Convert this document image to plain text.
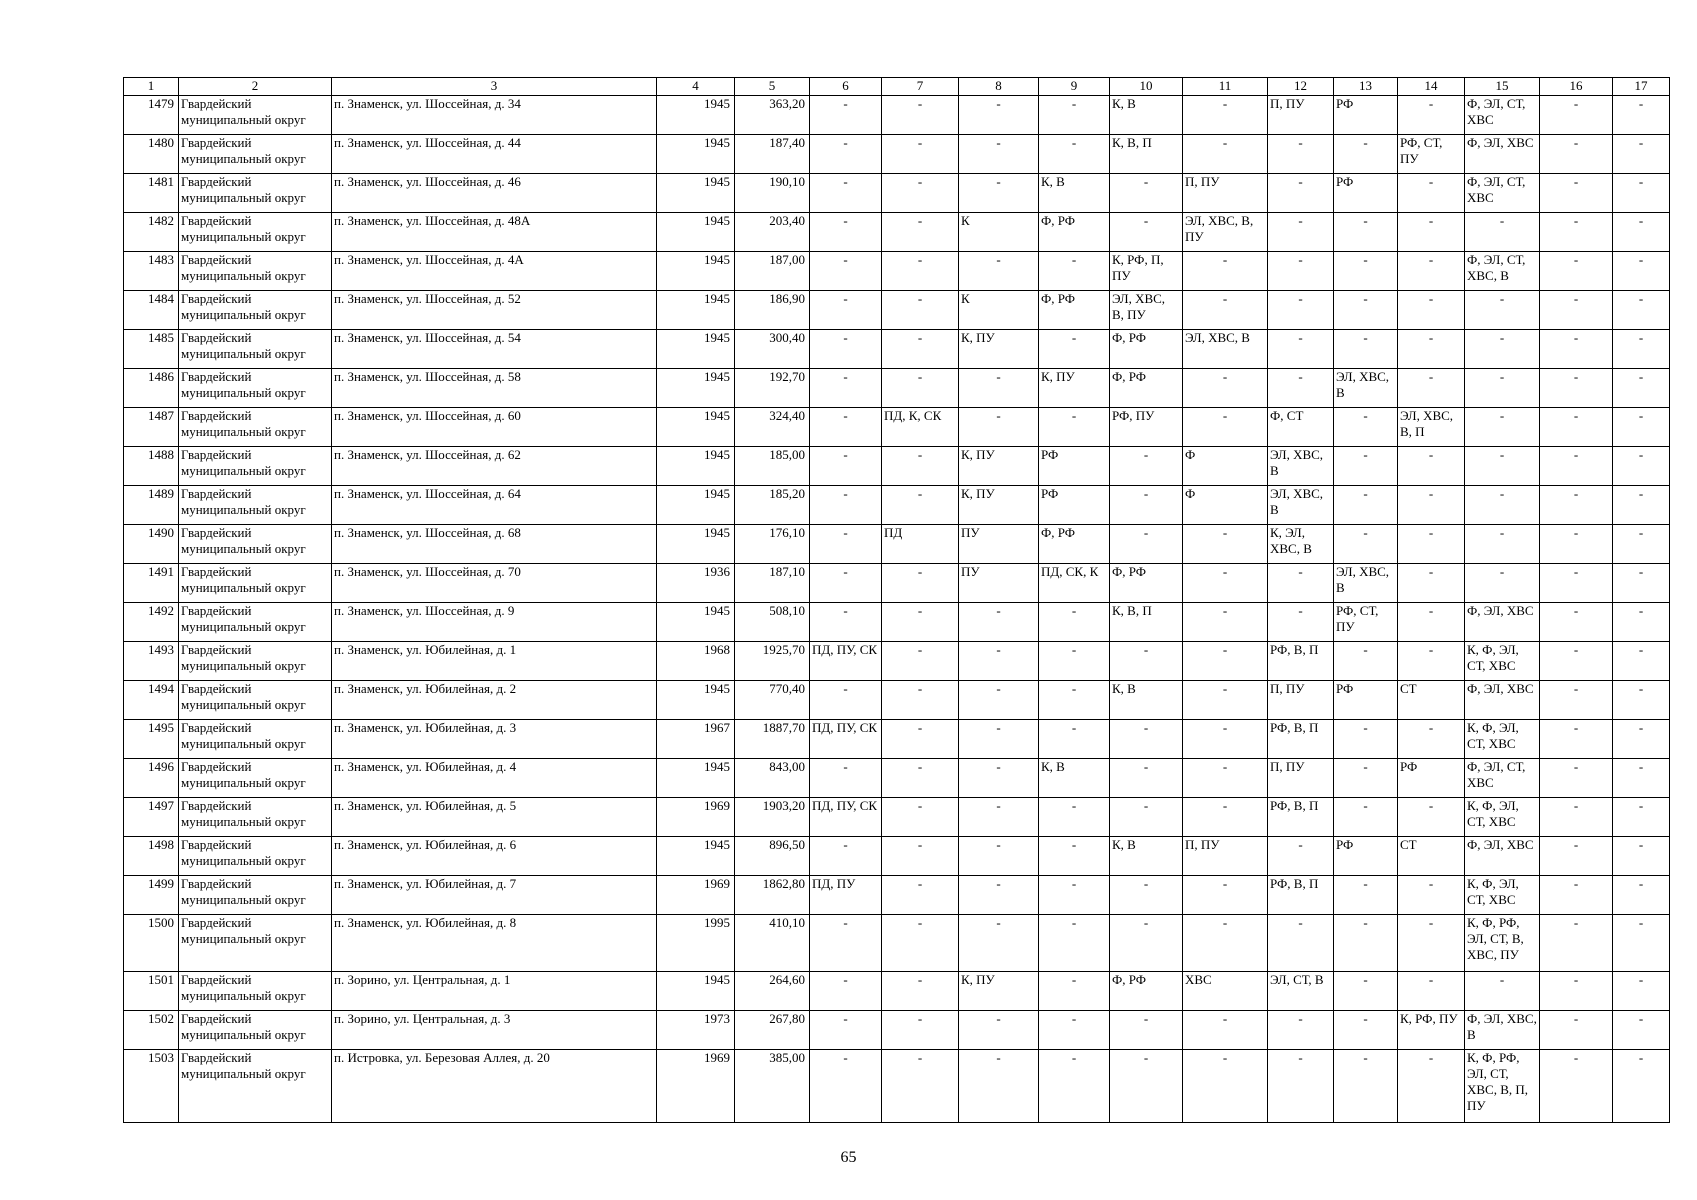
1	2	3	4	5	6	7	8	9	10	11	12	13	14	15	16	17
1479	Гвардейский муниципальный округ	п. Знаменск, ул. Шоссейная, д. 34	1945	363,20	-	-	-	-	К, В	-	П, ПУ	РФ	-	Ф, ЭЛ, СТ, ХВС	-	-
1480	Гвардейский муниципальный округ	п. Знаменск, ул. Шоссейная, д. 44	1945	187,40	-	-	-	-	К, В, П	-	-	-	РФ, СТ, ПУ	Ф, ЭЛ, ХВС	-	-
1481	Гвардейский муниципальный округ	п. Знаменск, ул. Шоссейная, д. 46	1945	190,10	-	-	-	К, В	-	П, ПУ	-	РФ	-	Ф, ЭЛ, СТ, ХВС	-	-
1482	Гвардейский муниципальный округ	п. Знаменск, ул. Шоссейная, д. 48А	1945	203,40	-	-	К	Ф, РФ	-	ЭЛ, ХВС, В, ПУ	-	-	-	-	-	-
1483	Гвардейский муниципальный округ	п. Знаменск, ул. Шоссейная, д. 4А	1945	187,00	-	-	-	-	К, РФ, П, ПУ	-	-	-	-	Ф, ЭЛ, СТ, ХВС, В	-	-
1484	Гвардейский муниципальный округ	п. Знаменск, ул. Шоссейная, д. 52	1945	186,90	-	-	К	Ф, РФ	ЭЛ, ХВС, В, ПУ	-	-	-	-	-	-	-
1485	Гвардейский муниципальный округ	п. Знаменск, ул. Шоссейная, д. 54	1945	300,40	-	-	К, ПУ	-	Ф, РФ	ЭЛ, ХВС, В	-	-	-	-	-	-
1486	Гвардейский муниципальный округ	п. Знаменск, ул. Шоссейная, д. 58	1945	192,70	-	-	-	К, ПУ	Ф, РФ	-	-	ЭЛ, ХВС, В	-	-	-	-
1487	Гвардейский муниципальный округ	п. Знаменск, ул. Шоссейная, д. 60	1945	324,40	-	ПД, К, СК	-	-	РФ, ПУ	-	Ф, СТ	-	ЭЛ, ХВС, В, П	-	-	-
1488	Гвардейский муниципальный округ	п. Знаменск, ул. Шоссейная, д. 62	1945	185,00	-	-	К, ПУ	РФ	-	Ф	ЭЛ, ХВС, В	-	-	-	-	-
1489	Гвардейский муниципальный округ	п. Знаменск, ул. Шоссейная, д. 64	1945	185,20	-	-	К, ПУ	РФ	-	Ф	ЭЛ, ХВС, В	-	-	-	-	-
1490	Гвардейский муниципальный округ	п. Знаменск, ул. Шоссейная, д. 68	1945	176,10	-	ПД	ПУ	Ф, РФ	-	-	К, ЭЛ, ХВС, В	-	-	-	-	-
1491	Гвардейский муниципальный округ	п. Знаменск, ул. Шоссейная, д. 70	1936	187,10	-	-	ПУ	ПД, СК, К	Ф, РФ	-	-	ЭЛ, ХВС, В	-	-	-	-
1492	Гвардейский муниципальный округ	п. Знаменск, ул. Шоссейная, д. 9	1945	508,10	-	-	-	-	К, В, П	-	-	РФ, СТ, ПУ	-	Ф, ЭЛ, ХВС	-	-
1493	Гвардейский муниципальный округ	п. Знаменск, ул. Юбилейная, д. 1	1968	1925,70	ПД, ПУ, СК	-	-	-	-	-	РФ, В, П	-	-	К, Ф, ЭЛ, СТ, ХВС	-	-
1494	Гвардейский муниципальный округ	п. Знаменск, ул. Юбилейная, д. 2	1945	770,40	-	-	-	-	К, В	-	П, ПУ	РФ	СТ	Ф, ЭЛ, ХВС	-	-
1495	Гвардейский муниципальный округ	п. Знаменск, ул. Юбилейная, д. 3	1967	1887,70	ПД, ПУ, СК	-	-	-	-	-	РФ, В, П	-	-	К, Ф, ЭЛ, СТ, ХВС	-	-
1496	Гвардейский муниципальный округ	п. Знаменск, ул. Юбилейная, д. 4	1945	843,00	-	-	-	К, В	-	-	П, ПУ	-	РФ	Ф, ЭЛ, СТ, ХВС	-	-
1497	Гвардейский муниципальный округ	п. Знаменск, ул. Юбилейная, д. 5	1969	1903,20	ПД, ПУ, СК	-	-	-	-	-	РФ, В, П	-	-	К, Ф, ЭЛ, СТ, ХВС	-	-
1498	Гвардейский муниципальный округ	п. Знаменск, ул. Юбилейная, д. 6	1945	896,50	-	-	-	-	К, В	П, ПУ	-	РФ	СТ	Ф, ЭЛ, ХВС	-	-
1499	Гвардейский муниципальный округ	п. Знаменск, ул. Юбилейная, д. 7	1969	1862,80	ПД, ПУ	-	-	-	-	-	РФ, В, П	-	-	К, Ф, ЭЛ, СТ, ХВС	-	-
1500	Гвардейский муниципальный округ	п. Знаменск, ул. Юбилейная, д. 8	1995	410,10	-	-	-	-	-	-	-	-	-	К, Ф, РФ, ЭЛ, СТ, В, ХВС, ПУ	-	-
1501	Гвардейский муниципальный округ	п. Зорино, ул. Центральная, д. 1	1945	264,60	-	-	К, ПУ	-	Ф, РФ	ХВС	ЭЛ, СТ, В	-	-	-	-	-
1502	Гвардейский муниципальный округ	п. Зорино, ул. Центральная, д. 3	1973	267,80	-	-	-	-	-	-	-	-	К, РФ, ПУ	Ф, ЭЛ, ХВС, В	-	-
1503	Гвардейский муниципальный округ	п. Истровка, ул. Березовая Аллея, д. 20	1969	385,00	-	-	-	-	-	-	-	-	-	К, Ф, РФ, ЭЛ, СТ, ХВС, В, П, ПУ	-	-
65
